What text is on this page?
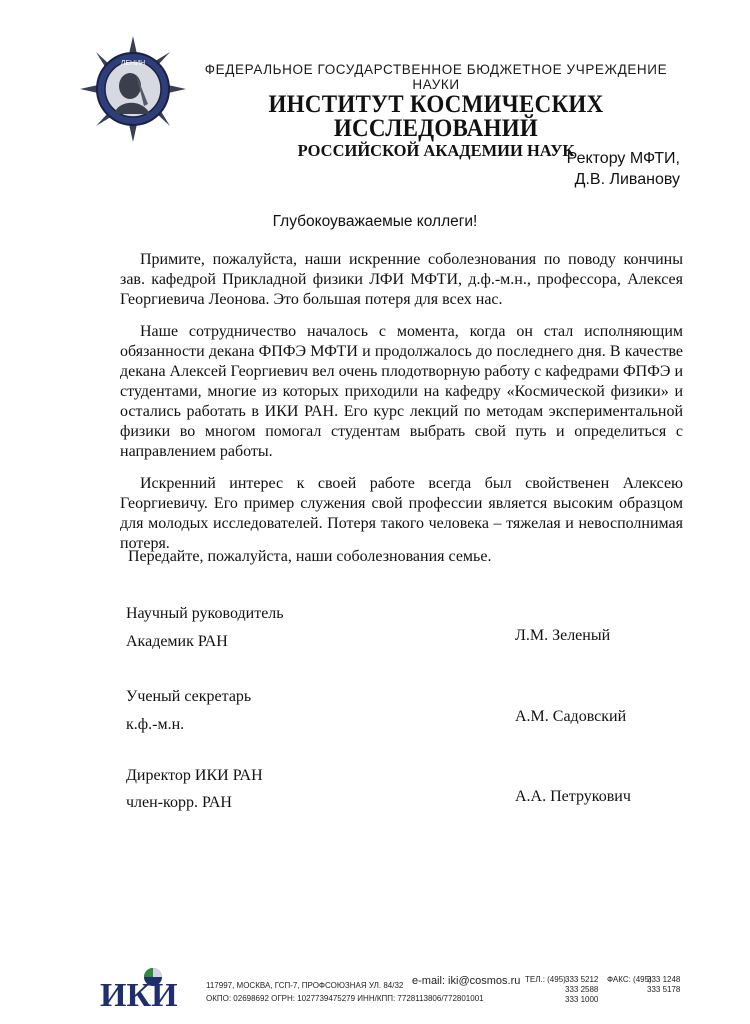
ЛЕНИН	ФЕДЕРАЛЬНОЕ ГОСУДАРСТВЕННОЕ БЮДЖЕТНОЕ УЧРЕЖДЕНИЕ НАУКИ
ИНСТИТУТ КОСМИЧЕСКИХ ИССЛЕДОВАНИЙ
РОССИЙСКОЙ АКАДЕМИИ НАУК
Ректору МФТИ,
Д.В. Ливанову
Глубокоуважаемые коллеги!

Примите, пожалуйста, наши искренние соболезнования по поводу кончины зав. кафедрой Прикладной физики ЛФИ МФТИ, д.ф.-м.н., профессора, Алексея Георгиевича Леонова. Это большая потеря для всех нас.

Наше сотрудничество началось с момента, когда он стал исполняющим обязанности декана ФПФЭ МФТИ и продолжалось до последнего дня. В качестве декана Алексей Георгиевич вел очень плодотворную работу с кафедрами ФПФЭ и студентами, многие из которых приходили на кафедру «Космической физики» и остались работать в ИКИ РАН. Его курс лекций по методам экспериментальной физики во многом помогал студентам выбрать свой путь и определиться с направлением работы.

Искренний интерес к своей работе всегда был свойственен Алексею Георгиевичу. Его пример служения свой профессии является высоким образцом для молодых исследователей. Потеря такого человека – тяжелая и невосполнимая потеря.

Передайте, пожалуйста, наши соболезнования семье.
Научный руководитель
Академик РАН	Л.М. Зеленый
Ученый секретарь
к.ф.-м.н.	А.М. Садовский
Директор ИКИ РАН
член-корр. РАН	А.А. Петрукович
ИКИ	117997, МОСКВА, ГСП-7, ПРОФСОЮЗНАЯ УЛ. 84/32
ОКПО: 02698692 ОГРН: 1027739475279 ИНН/КПП: 7728113806/772801001
e-mail: iki@cosmos.ru ТЕЛ.: (495) 333 5212
333 2588
333 1000
ФАКС: (495)
333 1248
333 5178
